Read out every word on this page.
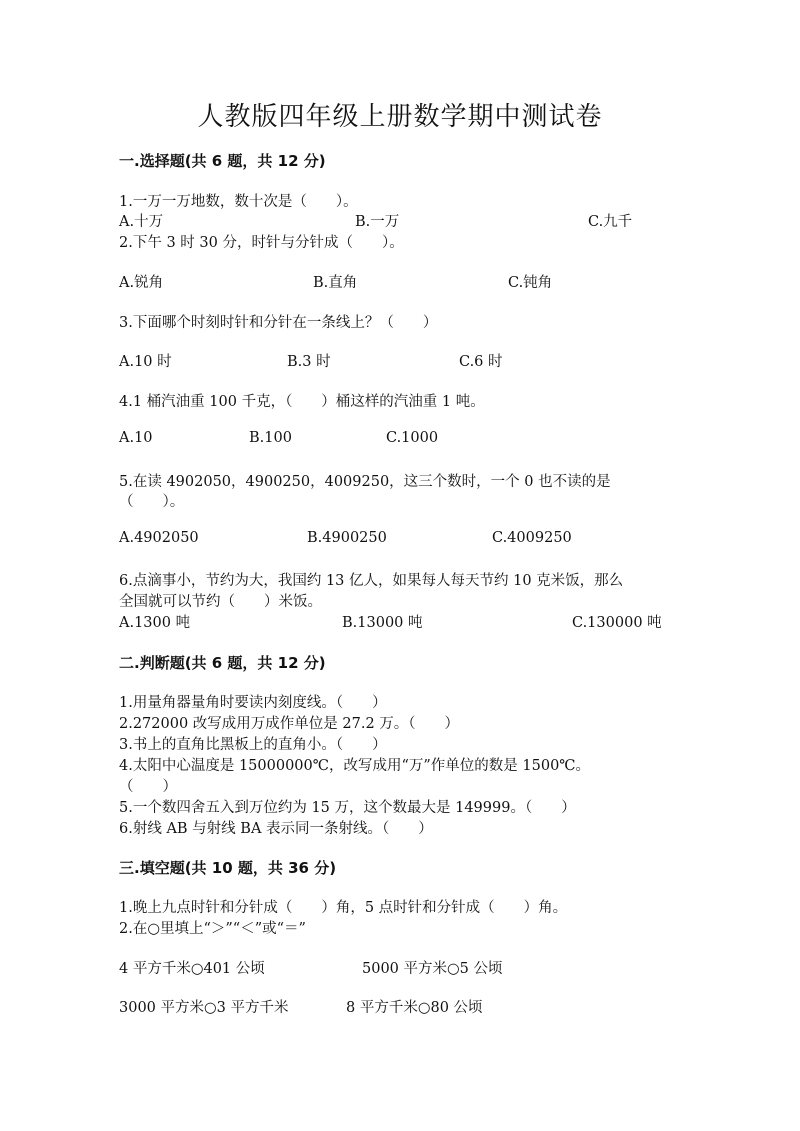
人教版四年级上册数学期中测试卷
一.选择题(共 6 题，共 12 分)
1.一万一万地数，数十次是（　　）。
A.十万	B.一万	C.九千
2.下午 3 时 30 分，时针与分针成（　　）。
A.锐角	B.直角	C.钝角
3.下面哪个时刻时针和分针在一条线上？（　　）
A.10 时	B.3 时	C.6 时
4.1 桶汽油重 100 千克，（　　）桶这样的汽油重 1 吨。
A.10	B.100	C.1000
5.在读 4902050，4900250，4009250，这三个数时，一个 0 也不读的是
（　　）。
A.4902050	B.4900250	C.4009250
6.点滴事小，节约为大，我国约 13 亿人，如果每人每天节约 10 克米饭，那么
全国就可以节约（　　）米饭。
A.1300 吨	B.13000 吨	C.130000 吨
二.判断题(共 6 题，共 12 分)
1.用量角器量角时要读内刻度线。（　　）
2.272000 改写成用万成作单位是 27.2 万。（　　）
3.书上的直角比黑板上的直角小。（　　）
4.太阳中心温度是 15000000℃，改写成用“万”作单位的数是 1500℃。
（　　）
5.一个数四舍五入到万位约为 15 万，这个数最大是 149999。（　　）
6.射线 AB 与射线 BA 表示同一条射线。（　　）
三.填空题(共 10 题，共 36 分)
1.晚上九点时针和分针成（　　）角，5 点时针和分针成（　　）角。
2.在○里填上“＞”“＜”或“＝”
4 平方千米○401 公顷	5000 平方米○5 公顷
3000 平方米○3 平方千米	8 平方千米○80 公顷
